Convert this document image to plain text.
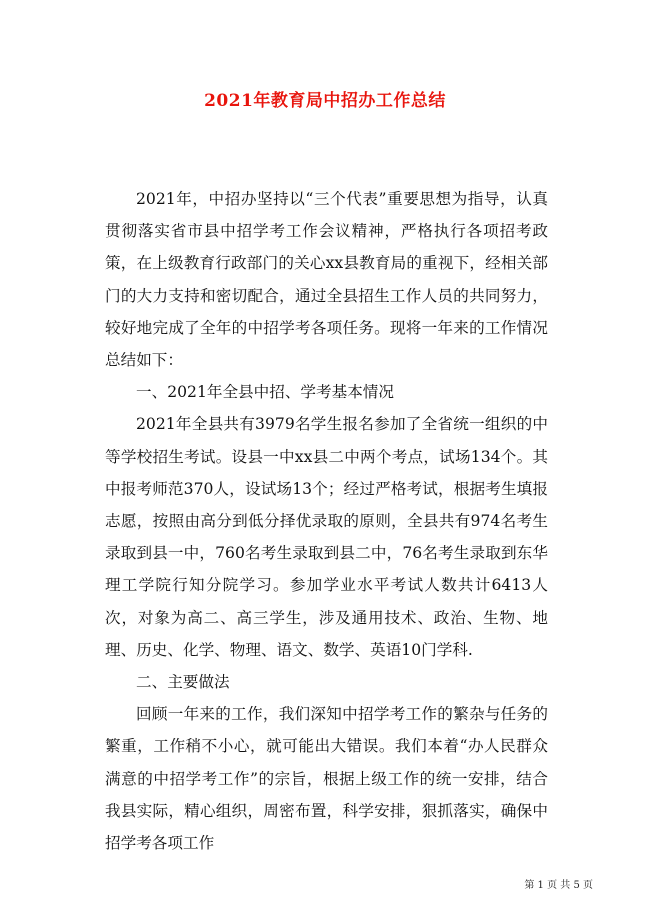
2021年教育局中招办工作总结

2021年，中招办坚持以“三个代表”重要思想为指导，认真贯彻落实省市县中招学考工作会议精神，严格执行各项招考政策，在上级教育行政部门的关心xx县教育局的重视下，经相关部门的大力支持和密切配合，通过全县招生工作人员的共同努力，较好地完成了全年的中招学考各项任务。现将一年来的工作情况总结如下：

一、2021年全县中招、学考基本情况

2021年全县共有3979名学生报名参加了全省统一组织的中等学校招生考试。设县一中xx县二中两个考点，试场134个。其中报考师范370人，设试场13个；经过严格考试，根据考生填报志愿，按照由高分到低分择优录取的原则，全县共有974名考生录取到县一中，760名考生录取到县二中，76名考生录取到东华理工学院行知分院学习。参加学业水平考试人数共计6413人次，对象为高二、高三学生，涉及通用技术、政治、生物、地理、历史、化学、物理、语文、数学、英语10门学科.

二、主要做法

回顾一年来的工作，我们深知中招学考工作的繁杂与任务的繁重，工作稍不小心，就可能出大错误。我们本着“办人民群众满意的中招学考工作”的宗旨，根据上级工作的统一安排，结合我县实际，精心组织，周密布置，科学安排，狠抓落实，确保中招学考各项工作

第 1 页 共 5 页
